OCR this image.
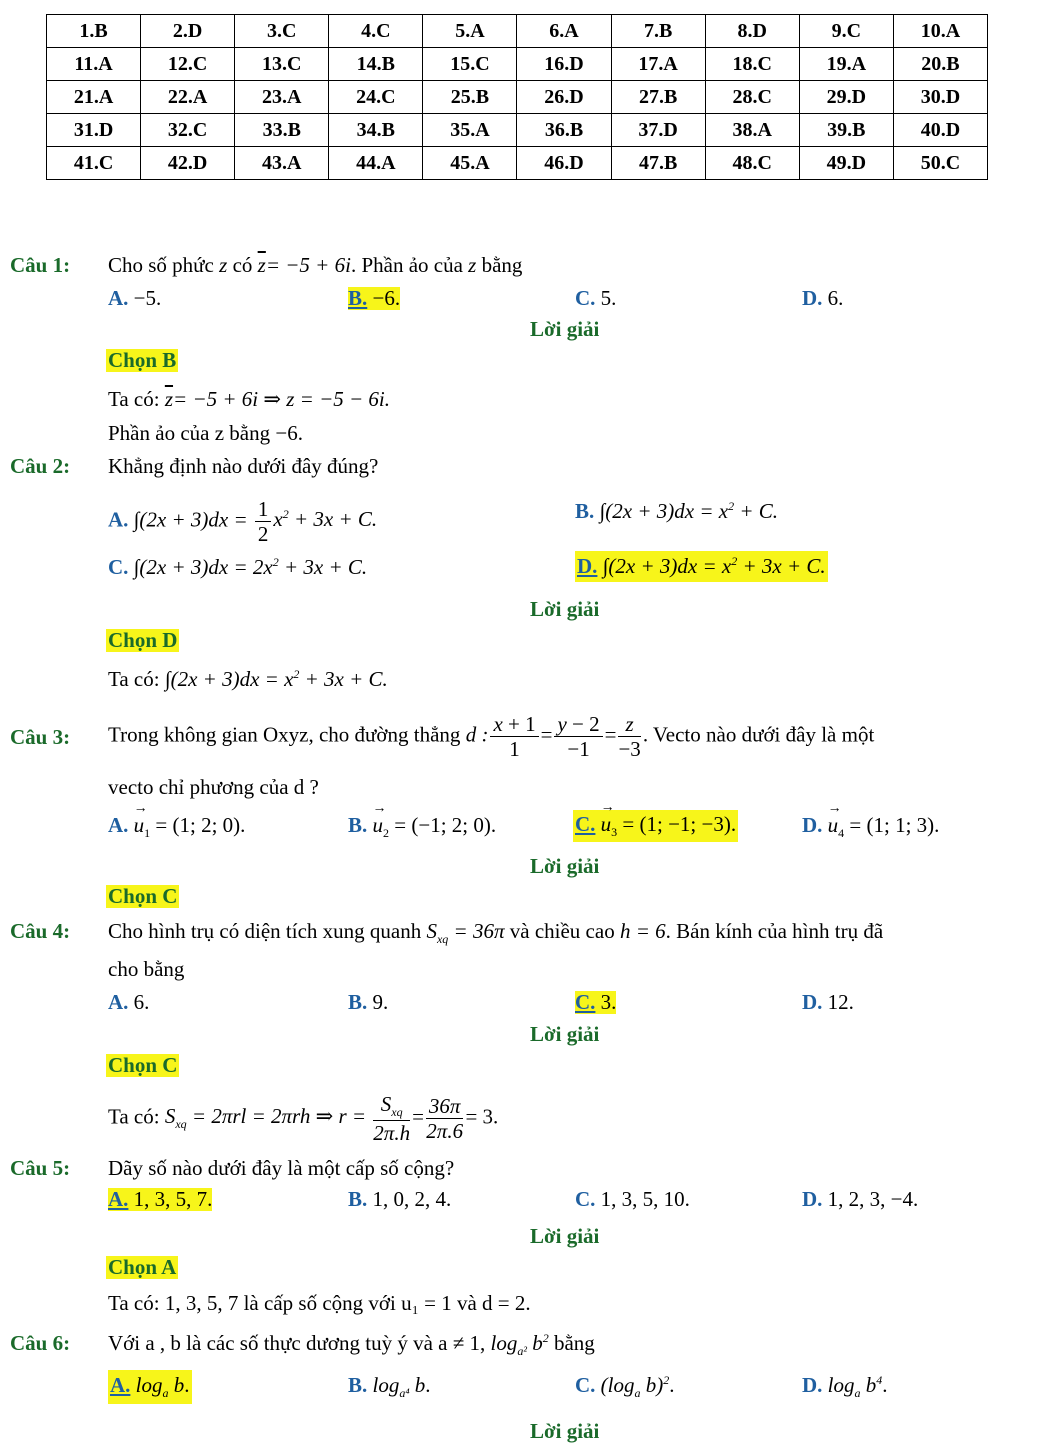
1.B	2.D	3.C	4.C	5.A	6.A	7.B	8.D	9.C	10.A
11.A	12.C	13.C	14.B	15.C	16.D	17.A	18.C	19.A	20.B
21.A	22.A	23.A	24.C	25.B	26.D	27.B	28.C	29.D	30.D
31.D	32.C	33.B	34.B	35.A	36.B	37.D	38.A	39.B	40.D
41.C	42.D	43.A	44.A	45.A	46.D	47.B	48.C	49.D	50.C
Câu 1: Cho số phức z có $\overline{z}= -5 + 6i$. Phần ảo của z bằng
A. −5.	B. −6.	C. 5.	D. 6.
Lời giải
Chọn B
Ta có: $\overline{z}= -5 + 6i$ ⇒ z = −5 − 6i.
Phần ảo của z bằng −6.
Câu 2: Khẳng định nào dưới đây đúng?
A. $\int(2x + 3)dx = \frac{1}{2} x^2 + 3x + C$.	B. $\int(2x + 3)dx = x^2 + C$.
C. $\int(2x + 3)dx = 2x^2 + 3x + C$.	D. $\int(2x + 3)dx = x^2 + 3x + C$.
Lời giải
Chọn D
Ta có: $\int(2x + 3)dx = x^2 + 3x + C$.
Câu 3: Trong không gian Oxyz, cho đường thẳng d : $\frac{x + 1}{1} = \frac{y - 2}{-1} = \frac{z}{-3}$ . Vecto nào dưới đây là một
vecto chỉ phương của d ?
A. → $u_1 = (1$; 2; 0).	B. → $u_2 = (-1$; 2; 0).	C. → $u_3 = (1$; −1; −3).	D. → $u_4 = (1$; 1; 3).
Lời giải
Chọn C
Câu 4: Cho hình trụ có diện tích xung quanh $S_{xq} = 36\pi$ và chiều cao h = 6. Bán kính của hình trụ đã
cho bằng
A. 6.	B. 9.	C. 3.	D. 12.
Lời giải
Chọn C
Ta có: $S_{xq} = 2\pi rl = 2\pi rh$ ⇒ $r = \frac{S_{xq}}{2\pi.h} = \frac{36\pi}{2\pi.6} = 3$.
Câu 5: Dãy số nào dưới đây là một cấp số cộng?
A. 1, 3, 5, 7.	B. 1, 0, 2, 4.	C. 1, 3, 5, 10.	D. 1, 2, 3, −4.
Lời giải
Chọn A
Ta có: 1, 3, 5, 7 là cấp số cộng với u₁ = 1 và d = 2.
Câu 6: Với a , b là các số thực dương tuỳ ý và a ≠ 1, $\log_{a^2} b^2$ bằng
A. $\log_a b$.	B. $\log_{a^4} b$.	C. ($\log_a$ b)$^2$.	D. $\log_a b^4$.
Lời giải
